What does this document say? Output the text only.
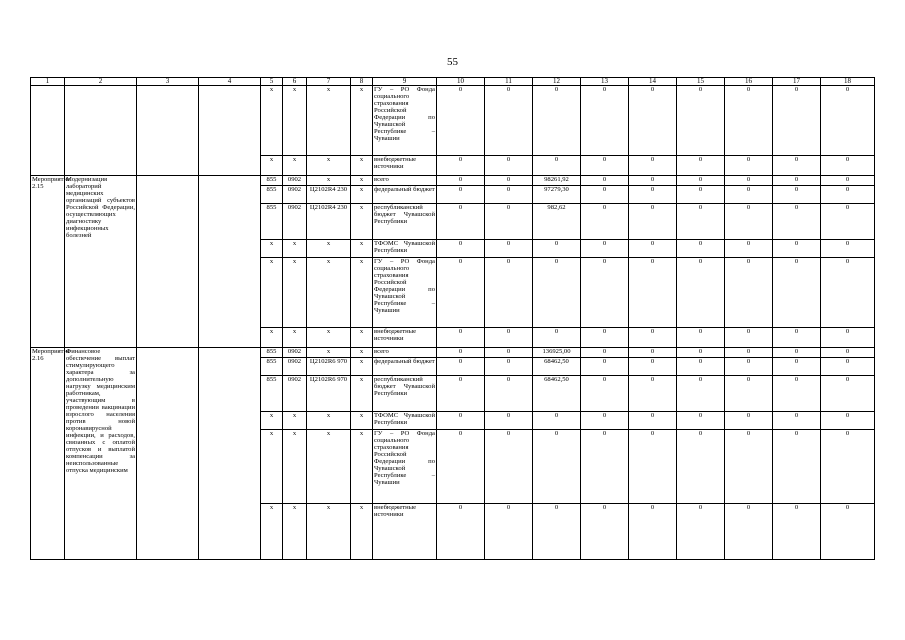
55
1	2	3	4	5	6	7	8	9	10	11	12	13	14	15	16	17	18
				х	х	х	х	ГУ – РО Фонда социального страхования Российской Федерации по Чувашской Республике – Чувашии	0	0	0	0	0	0	0	0	0
				х	х	х	х	внебюджетные источники	0	0	0	0	0	0	0	0	0
Мероприятие 2.15	Модернизация лабораторий медицинских организаций субъектов Российской Федерации, осуществляющих диагностику инфекционных болезней			855	0902	х	х	всего	0	0	98261,92	0	0	0	0	0	0
				855	0902	Ц2102R4 230	х	федеральный бюджет	0	0	97279,30	0	0	0	0	0	0
				855	0902	Ц2102R4 230	х	республиканский бюджет Чувашской Республики	0	0	982,62	0	0	0	0	0	0
				х	х	х	х	ТФОМС Чувашской Республики	0	0	0	0	0	0	0	0	0
				х	х	х	х	ГУ – РО Фонда социального страхования Российской Федерации по Чувашской Республике – Чувашии	0	0	0	0	0	0	0	0	0
				х	х	х	х	внебюджетные источники	0	0	0	0	0	0	0	0	0
Мероприятие 2.16	Финансовое обеспечение выплат стимулирующего характера за дополнительную нагрузку медицинским работникам, участвующим в проведении вакцинации взрослого населения против новой коронавирусной инфекции, и расходов, связанных с оплатой отпусков и выплатой компенсации за неиспользованные отпуска медицинским			855	0902	х	х	всего	0	0	136925,00	0	0	0	0	0	0
				855	0902	Ц2102R6 970	х	федеральный бюджет	0	0	68462,50	0	0	0	0	0	0
				855	0902	Ц2102R6 970	х	республиканский бюджет Чувашской Республики	0	0	68462,50	0	0	0	0	0	0
				х	х	х	х	ТФОМС Чувашской Республики	0	0	0	0	0	0	0	0	0
				х	х	х	х	ГУ – РО Фонда социального страхования Российской Федерации по Чувашской Республике – Чувашии	0	0	0	0	0	0	0	0	0
				х	х	х	х	внебюджетные источники	0	0	0	0	0	0	0	0	0
